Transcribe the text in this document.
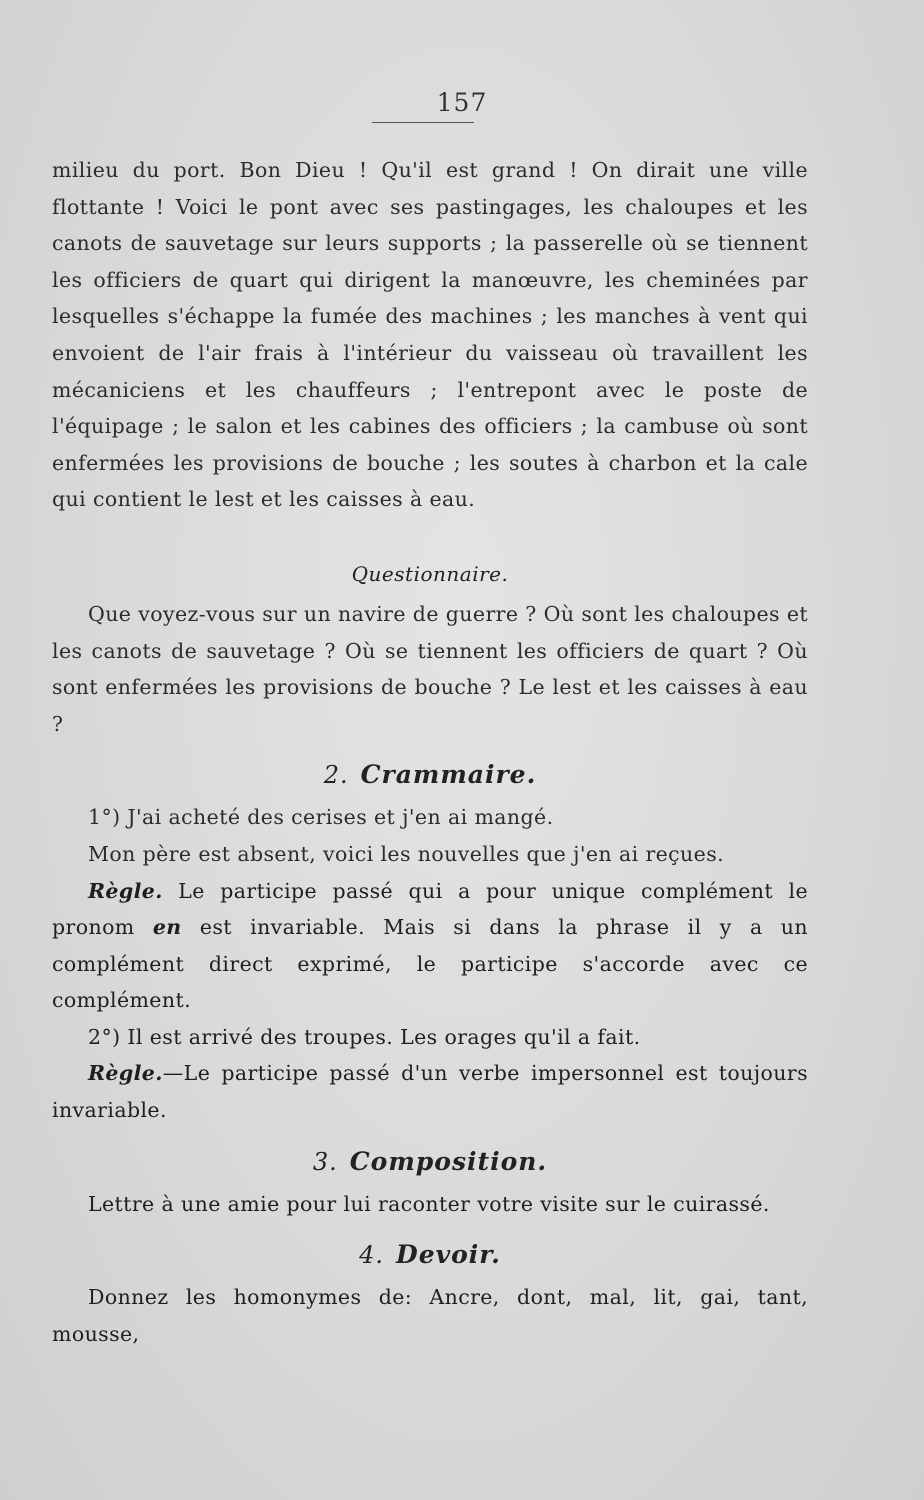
157

milieu du port. Bon Dieu ! Qu'il est grand ! On dirait une ville flottante ! Voici le pont avec ses pastingages, les chaloupes et les canots de sauvetage sur leurs supports ; la passerelle où se tiennent les officiers de quart qui dirigent la manœuvre, les cheminées par lesquelles s'échappe la fumée des machines ; les manches à vent qui envoient de l'air frais à l'intérieur du vaisseau où travaillent les mécaniciens et les chauffeurs ; l'entrepont avec le poste de l'équipage ; le salon et les cabines des officiers ; la cambuse où sont enfermées les provisions de bouche ; les soutes à charbon et la cale qui contient le lest et les caisses à eau.

Questionnaire.

Que voyez-vous sur un navire de guerre ? Où sont les chaloupes et les canots de sauvetage ? Où se tiennent les officiers de quart ? Où sont enfermées les provisions de bouche ? Le lest et les caisses à eau ?

2. Crammaire.

1°) J'ai acheté des cerises et j'en ai mangé.

Mon père est absent, voici les nouvelles que j'en ai reçues.

Règle. Le participe passé qui a pour unique complément le pronom en est invariable. Mais si dans la phrase il y a un complément direct exprimé, le participe s'accorde avec ce complément.

2°) Il est arrivé des troupes. Les orages qu'il a fait.

Règle.—Le participe passé d'un verbe impersonnel est toujours invariable.

3. Composition.

Lettre à une amie pour lui raconter votre visite sur le cuirassé.

4. Devoir.

Donnez les homonymes de: Ancre, dont, mal, lit, gai, tant, mousse,
